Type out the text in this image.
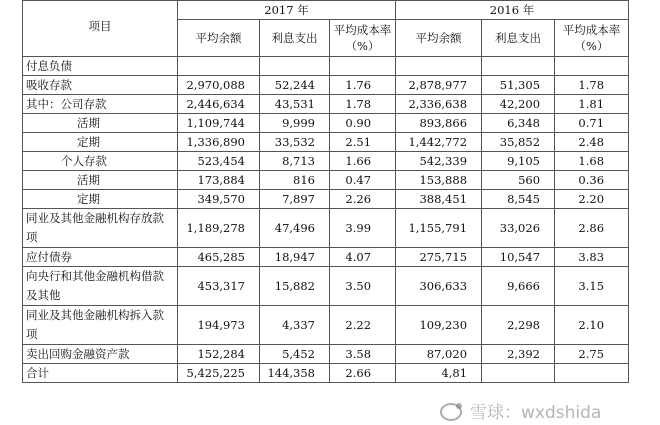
项目	2017 年			2016 年		
	平均余额	利息支出	平均成本率（%）	平均余额	利息支出	平均成本率（%）
付息负债						
吸收存款	2,970,088	52,244	1.76	2,878,977	51,305	1.78
其中：公司存款	2,446,634	43,531	1.78	2,336,638	42,200	1.81
活期	1,109,744	9,999	0.90	893,866	6,348	0.71
定期	1,336,890	33,532	2.51	1,442,772	35,852	2.48
个人存款	523,454	8,713	1.66	542,339	9,105	1.68
活期	173,884	816	0.47	153,888	560	0.36
定期	349,570	7,897	2.26	388,451	8,545	2.20
同业及其他金融机构存放款项	1,189,278	47,496	3.99	1,155,791	33,026	2.86
应付债券	465,285	18,947	4.07	275,715	10,547	3.83
向央行和其他金融机构借款及其他	453,317	15,882	3.50	306,633	9,666	3.15
同业及其他金融机构拆入款项	194,973	4,337	2.22	109,230	2,298	2.10
卖出回购金融资产款	152,284	5,452	3.58	87,020	2,392	2.75
合计	5,425,225	144,358	2.66	4,81		
雪球：wxdshida
